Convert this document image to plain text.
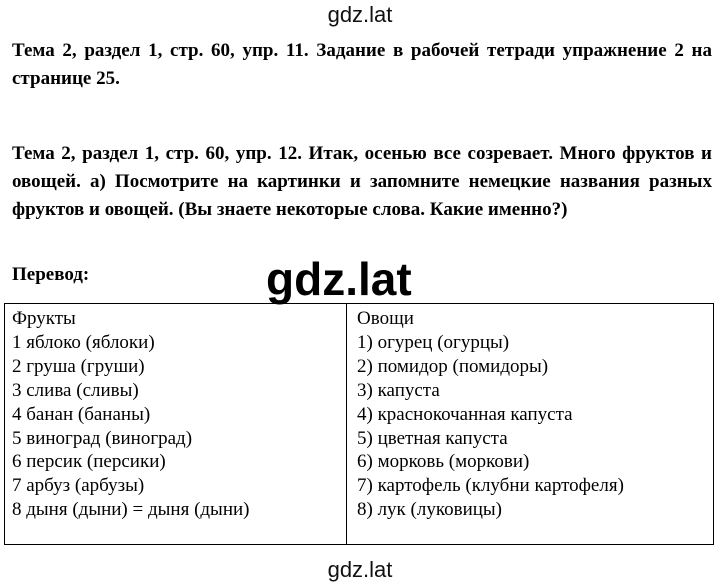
gdz.lat
Тема 2, раздел 1, стр. 60, упр. 11. Задание в рабочей тетради упражнение 2 на странице 25.
Тема 2, раздел 1, стр. 60, упр. 12. Итак, осенью все созревает. Много фруктов и овощей. а) Посмотрите на картинки и запомните немецкие названия разных фруктов и овощей. (Вы знаете некоторые слова. Какие именно?)
Перевод:	gdz.lat
Фрукты
1 яблоко (яблоки)
2 груша (груши)
3 слива (сливы)
4 банан (бананы)
5 виноград (виноград)
6 персик (персики)
7 арбуз (арбузы)
8 дыня (дыни) = дыня (дыни)
Овощи
1) огурец (огурцы)
2) помидор (помидоры)
3) капуста
4) краснокочанная капуста
5) цветная капуста
6) морковь (моркови)
7) картофель (клубни картофеля)
8) лук (луковицы)
gdz.lat
